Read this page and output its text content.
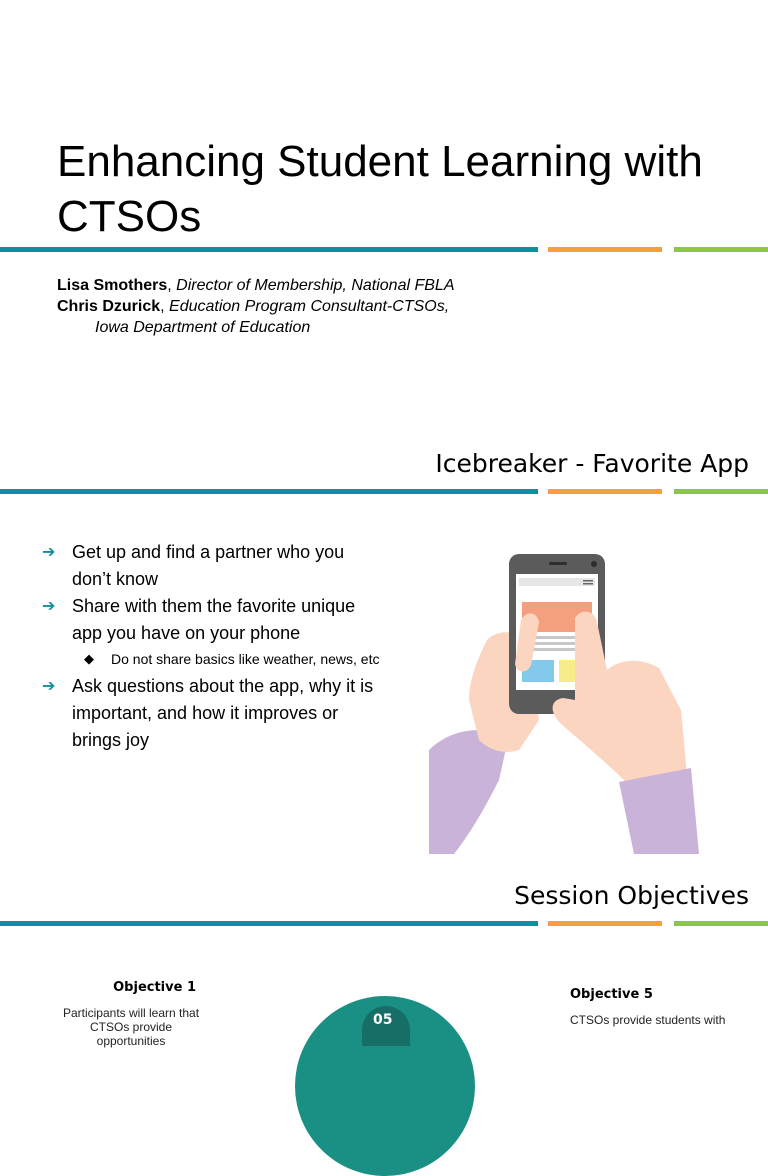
Enhancing Student Learning with CTSOs
Lisa Smothers, Director of Membership, National FBLA
Chris Dzurick, Education Program Consultant-CTSOs,
Iowa Department of Education
Icebreaker - Favorite App
➔ Get up and find a partner who you don’t know
➔ Share with them the favorite unique app you have on your phone
◆ Do not share basics like weather, news, etc
➔ Ask questions about the app, why it is important, and how it improves or brings joy
Session Objectives
Objective 1
Participants will learn that CTSOs provide opportunities
05
Objective 5
CTSOs provide students with
